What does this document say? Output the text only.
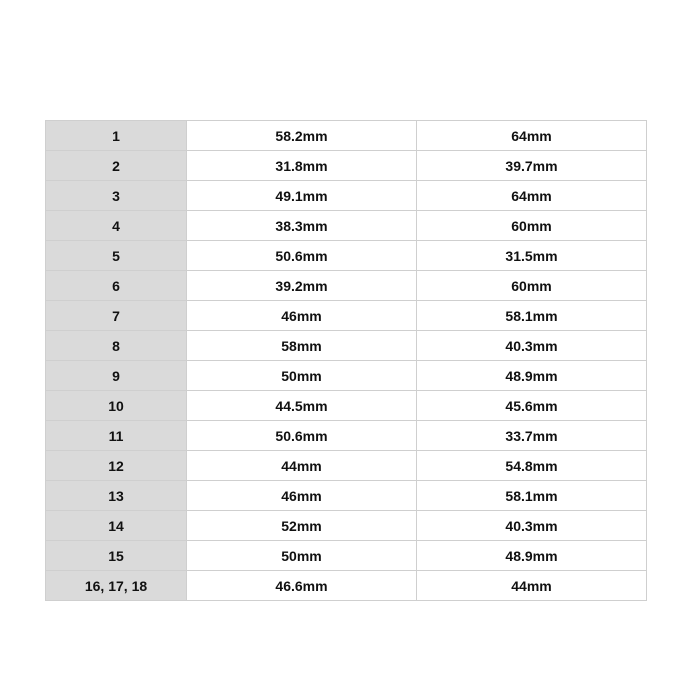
1	58.2mm	64mm
2	31.8mm	39.7mm
3	49.1mm	64mm
4	38.3mm	60mm
5	50.6mm	31.5mm
6	39.2mm	60mm
7	46mm	58.1mm
8	58mm	40.3mm
9	50mm	48.9mm
10	44.5mm	45.6mm
11	50.6mm	33.7mm
12	44mm	54.8mm
13	46mm	58.1mm
14	52mm	40.3mm
15	50mm	48.9mm
16, 17, 18	46.6mm	44mm
